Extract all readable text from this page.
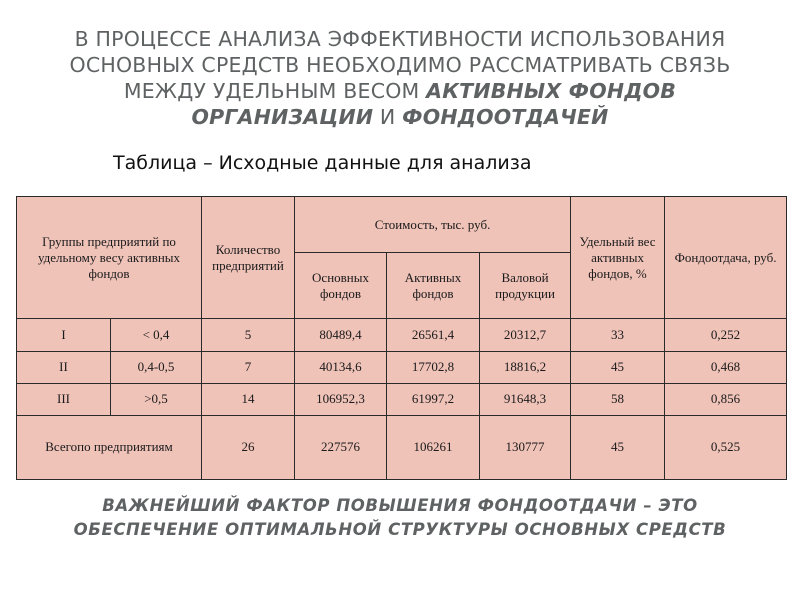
В ПРОЦЕССЕ АНАЛИЗА ЭФФЕКТИВНОСТИ ИСПОЛЬЗОВАНИЯ
ОСНОВНЫХ СРЕДСТВ НЕОБХОДИМО РАССМАТРИВАТЬ СВЯЗЬ
МЕЖДУ УДЕЛЬНЫМ ВЕСОМ АКТИВНЫХ ФОНДОВ
ОРГАНИЗАЦИИ И ФОНДООТДАЧЕЙ
Таблица – Исходные данные для анализа
Группы предприятий по удельному весу активных фондов		Количество предприятий	Стоимость, тыс. руб.			Удельный вес активных фондов, %	Фондоотдача, руб.
			Основных фондов	Активных фондов	Валовой продукции		
I	< 0,4	5	80489,4	26561,4	20312,7	33	0,252
II	0,4-0,5	7	40134,6	17702,8	18816,2	45	0,468
III	>0,5	14	106952,3	61997,2	91648,3	58	0,856
Всегопо предприятиям		26	227576	106261	130777	45	0,525
ВАЖНЕЙШИЙ ФАКТОР ПОВЫШЕНИЯ ФОНДООТДАЧИ – ЭТО
ОБЕСПЕЧЕНИЕ ОПТИМАЛЬНОЙ СТРУКТУРЫ ОСНОВНЫХ СРЕДСТВ
